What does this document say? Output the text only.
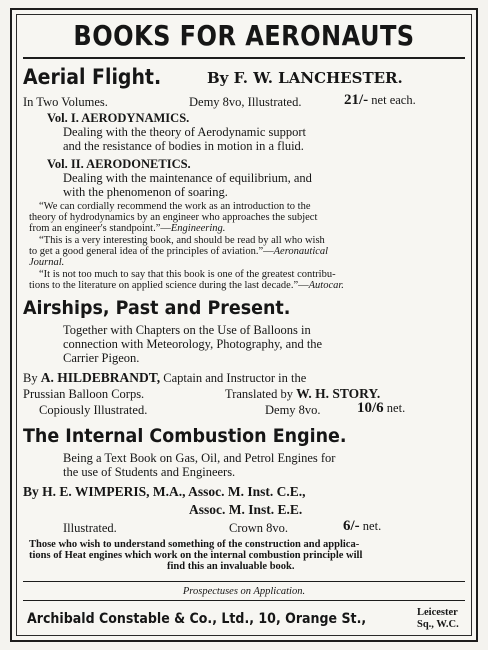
BOOKS FOR AERONAUTS
Aerial Flight.	By F. W. LANCHESTER.
In Two Volumes.	Demy 8vo, Illustrated.	21/- net each.
Vol. I. AERODYNAMICS.
Dealing with the theory of Aerodynamic support
and the resistance of bodies in motion in a fluid.
Vol. II. AERODONETICS.
Dealing with the maintenance of equilibrium, and
with the phenomenon of soaring.
“We can cordially recommend the work as an introduction to the
theory of hydrodynamics by an engineer who approaches the subject
from an engineer's standpoint.”—Engineering.
“This is a very interesting book, and should be read by all who wish
to get a good general idea of the principles of aviation.”—Aeronautical
Journal.
“It is not too much to say that this book is one of the greatest contribu-
tions to the literature on applied science during the last decade.”—Autocar.
Airships, Past and Present.
Together with Chapters on the Use of Balloons in
connection with Meteorology, Photography, and the
Carrier Pigeon.
By A. HILDEBRANDT, Captain and Instructor in the
Prussian Balloon Corps.	Translated by W. H. STORY.
Copiously Illustrated.	Demy 8vo. 10/6 net.
The Internal Combustion Engine.
Being a Text Book on Gas, Oil, and Petrol Engines for
the use of Students and Engineers.
By H. E. WIMPERIS, M.A., Assoc. M. Inst. C.E.,
Assoc. M. Inst. E.E.
Illustrated.	Crown 8vo.	6/- net.
Those who wish to understand something of the construction and applica-
tions of Heat engines which work on the internal combustion principle will
find this an invaluable book.
Prospectuses on Application.
Archibald Constable & Co., Ltd., 10, Orange St.,	Leicester
Sq., W.C.
